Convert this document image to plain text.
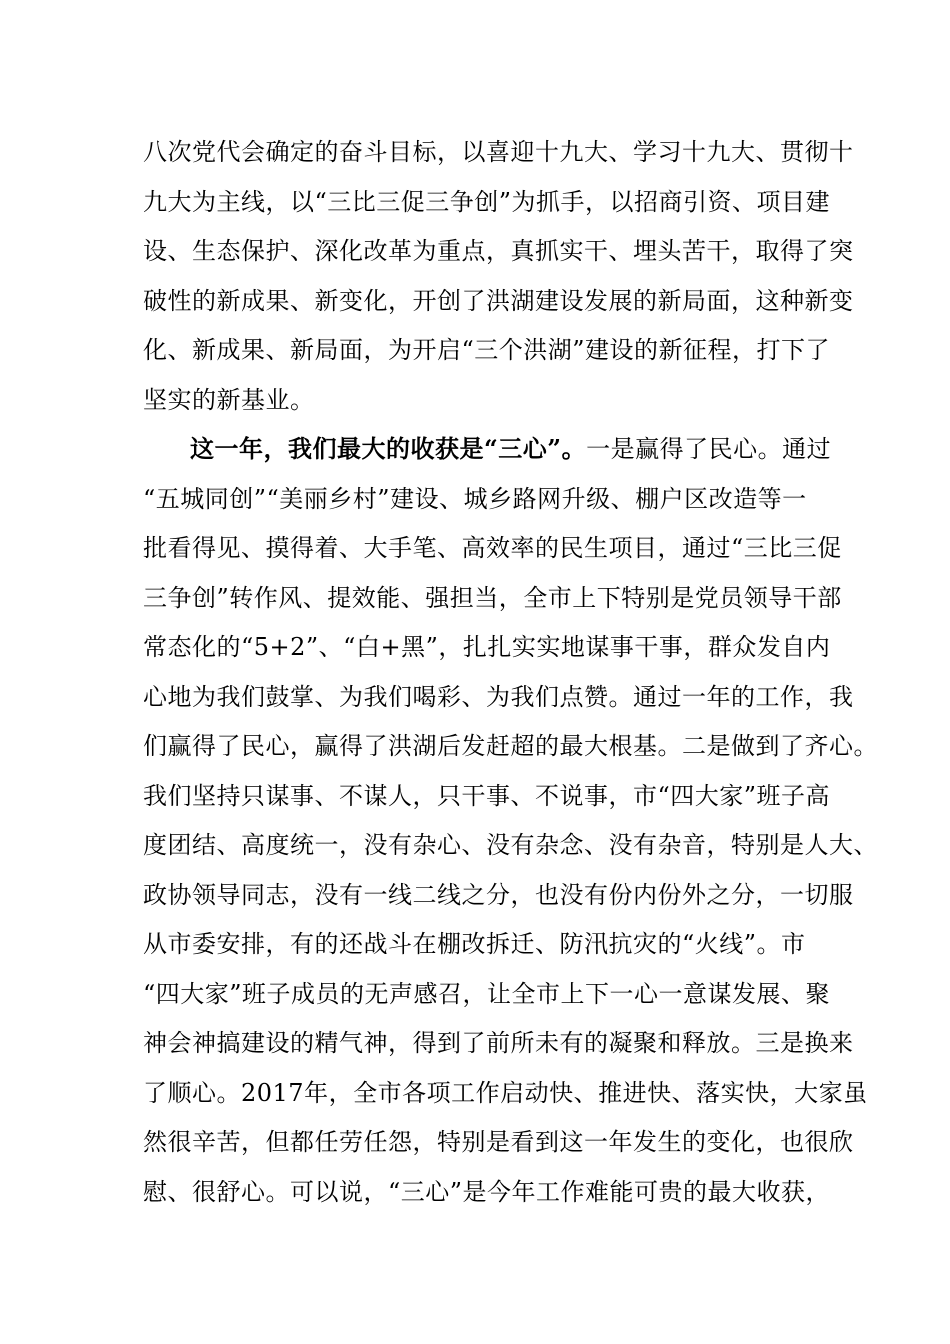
八次党代会确定的奋斗目标，以喜迎十九大、学习十九大、贯彻十
九大为主线，以“三比三促三争创”为抓手，以招商引资、项目建
设、生态保护、深化改革为重点，真抓实干、埋头苦干，取得了突
破性的新成果、新变化，开创了洪湖建设发展的新局面，这种新变
化、新成果、新局面，为开启“三个洪湖”建设的新征程，打下了
坚实的新基业。
这一年，我们最大的收获是“三心”。一是赢得了民心。通过
“五城同创”“美丽乡村”建设、城乡路网升级、棚户区改造等一
批看得见、摸得着、大手笔、高效率的民生项目，通过“三比三促
三争创”转作风、提效能、强担当，全市上下特别是党员领导干部
常态化的“5+2”、“白+黑”，扎扎实实地谋事干事，群众发自内
心地为我们鼓掌、为我们喝彩、为我们点赞。通过一年的工作，我
们赢得了民心，赢得了洪湖后发赶超的最大根基。二是做到了齐心。
我们坚持只谋事、不谋人，只干事、不说事，市“四大家”班子高
度团结、高度统一，没有杂心、没有杂念、没有杂音，特别是人大、
政协领导同志，没有一线二线之分，也没有份内份外之分，一切服
从市委安排，有的还战斗在棚改拆迁、防汛抗灾的“火线”。市
“四大家”班子成员的无声感召，让全市上下一心一意谋发展、聚
神会神搞建设的精气神，得到了前所未有的凝聚和释放。三是换来
了顺心。2017年，全市各项工作启动快、推进快、落实快，大家虽
然很辛苦，但都任劳任怨，特别是看到这一年发生的变化，也很欣
慰、很舒心。可以说，“三心”是今年工作难能可贵的最大收获，
